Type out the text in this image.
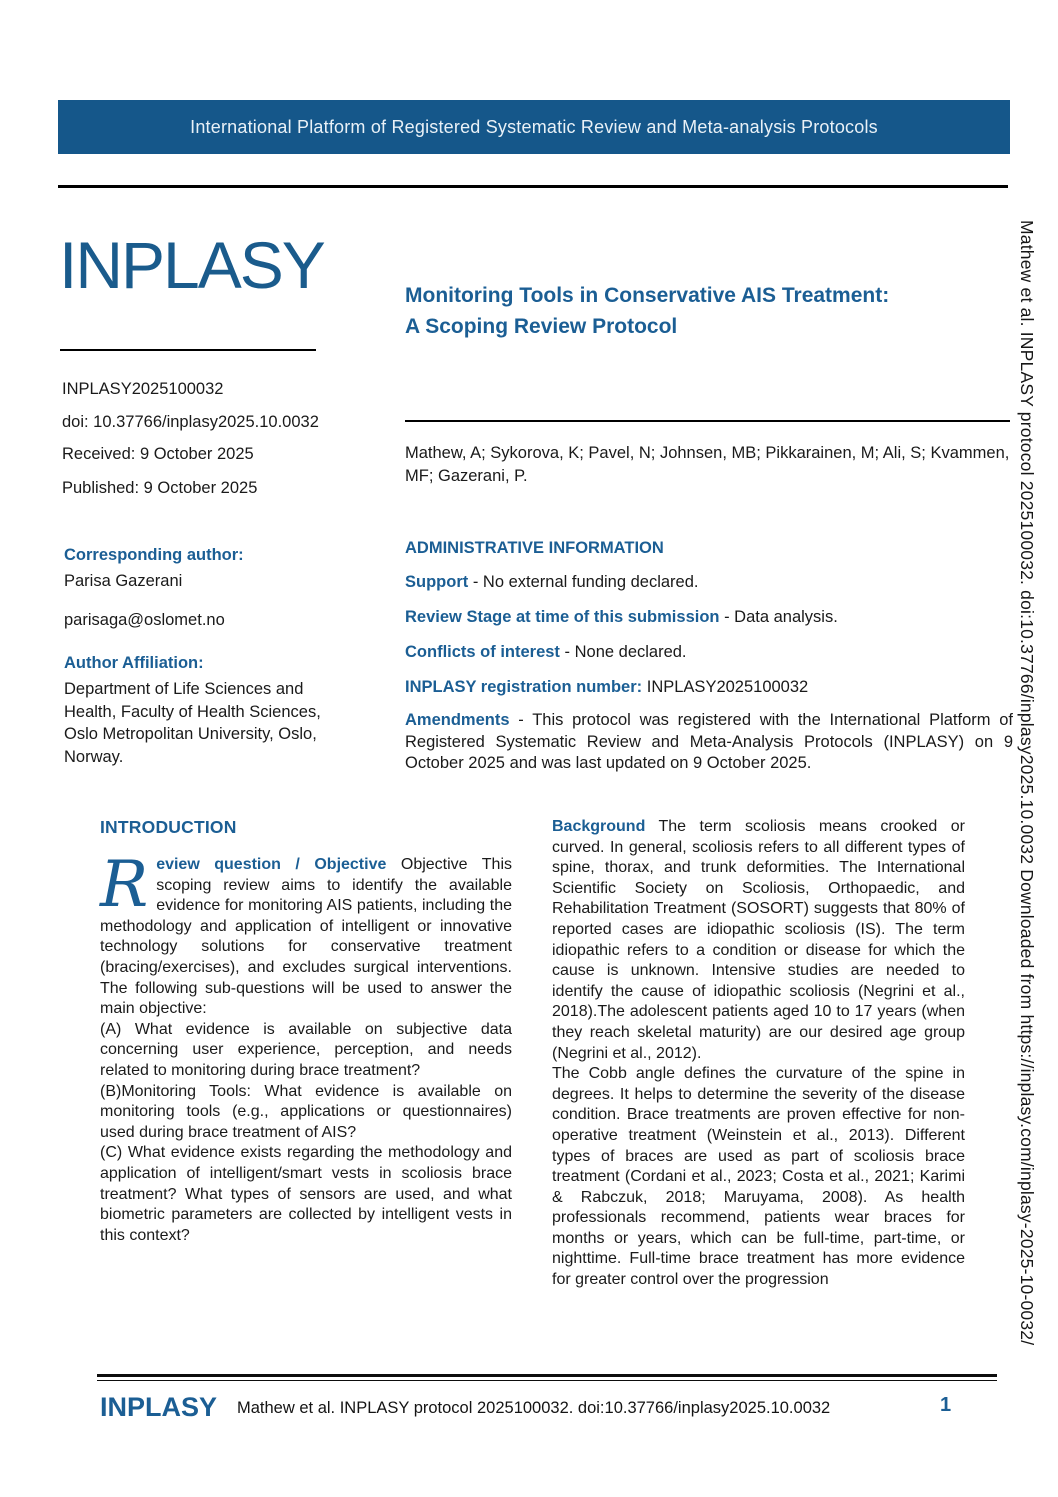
International Platform of Registered Systematic Review and Meta-analysis Protocols
INPLASY
INPLASY2025100032
doi: 10.37766/inplasy2025.10.0032
Received: 9 October 2025
Published: 9 October 2025
Corresponding author:
Parisa Gazerani
parisaga@oslomet.no
Author Affiliation:
Department of Life Sciences and Health, Faculty of Health Sciences, Oslo Metropolitan University, Oslo, Norway.
Monitoring Tools in Conservative AIS Treatment:
A Scoping Review Protocol
Mathew, A; Sykorova, K; Pavel, N; Johnsen, MB; Pikkarainen, M; Ali, S; Kvammen, MF; Gazerani, P.
ADMINISTRATIVE INFORMATION
Support - No external funding declared.
Review Stage at time of this submission - Data analysis.
Conflicts of interest - None declared.
INPLASY registration number: INPLASY2025100032
Amendments - This protocol was registered with the International Platform of Registered Systematic Review and Meta-Analysis Protocols (INPLASY) on 9 October 2025 and was last updated on 9 October 2025.
INTRODUCTION

Review question / Objective Objective This scoping review aims to identify the available evidence for monitoring AIS patients, including the methodology and application of intelligent or innovative technology solutions for conservative treatment (bracing/exercises), and excludes surgical interventions. The following sub-questions will be used to answer the main objective:

(A) What evidence is available on subjective data concerning user experience, perception, and needs related to monitoring during brace treatment?

(B)Monitoring Tools: What evidence is available on monitoring tools (e.g., applications or questionnaires) used during brace treatment of AIS?

(C) What evidence exists regarding the methodology and application of intelligent/smart vests in scoliosis brace treatment? What types of sensors are used, and what biometric parameters are collected by intelligent vests in this context?

Background The term scoliosis means crooked or curved. In general, scoliosis refers to all different types of spine, thorax, and trunk deformities. The International Scientific Society on Scoliosis, Orthopaedic, and Rehabilitation Treatment (SOSORT) suggests that 80% of reported cases are idiopathic scoliosis (IS). The term idiopathic refers to a condition or disease for which the cause is unknown. Intensive studies are needed to identify the cause of idiopathic scoliosis (Negrini et al., 2018).The adolescent patients aged 10 to 17 years (when they reach skeletal maturity) are our desired age group (Negrini et al., 2012).

The Cobb angle defines the curvature of the spine in degrees. It helps to determine the severity of the disease condition. Brace treatments are proven effective for non-operative treatment (Weinstein et al., 2013). Different types of braces are used as part of scoliosis brace treatment (Cordani et al., 2023; Costa et al., 2021; Karimi & Rabczuk, 2018; Maruyama, 2008). As health professionals recommend, patients wear braces for months or years, which can be full-time, part-time, or nighttime. Full-time brace treatment has more evidence for greater control over the progression

INPLASY Mathew et al. INPLASY protocol 2025100032. doi:10.37766/inplasy2025.10.0032	1
Mathew et al. INPLASY protocol 2025100032. doi:10.37766/inplasy2025.10.0032 Downloaded from https://inplasy.com/inplasy-2025-10-0032/
